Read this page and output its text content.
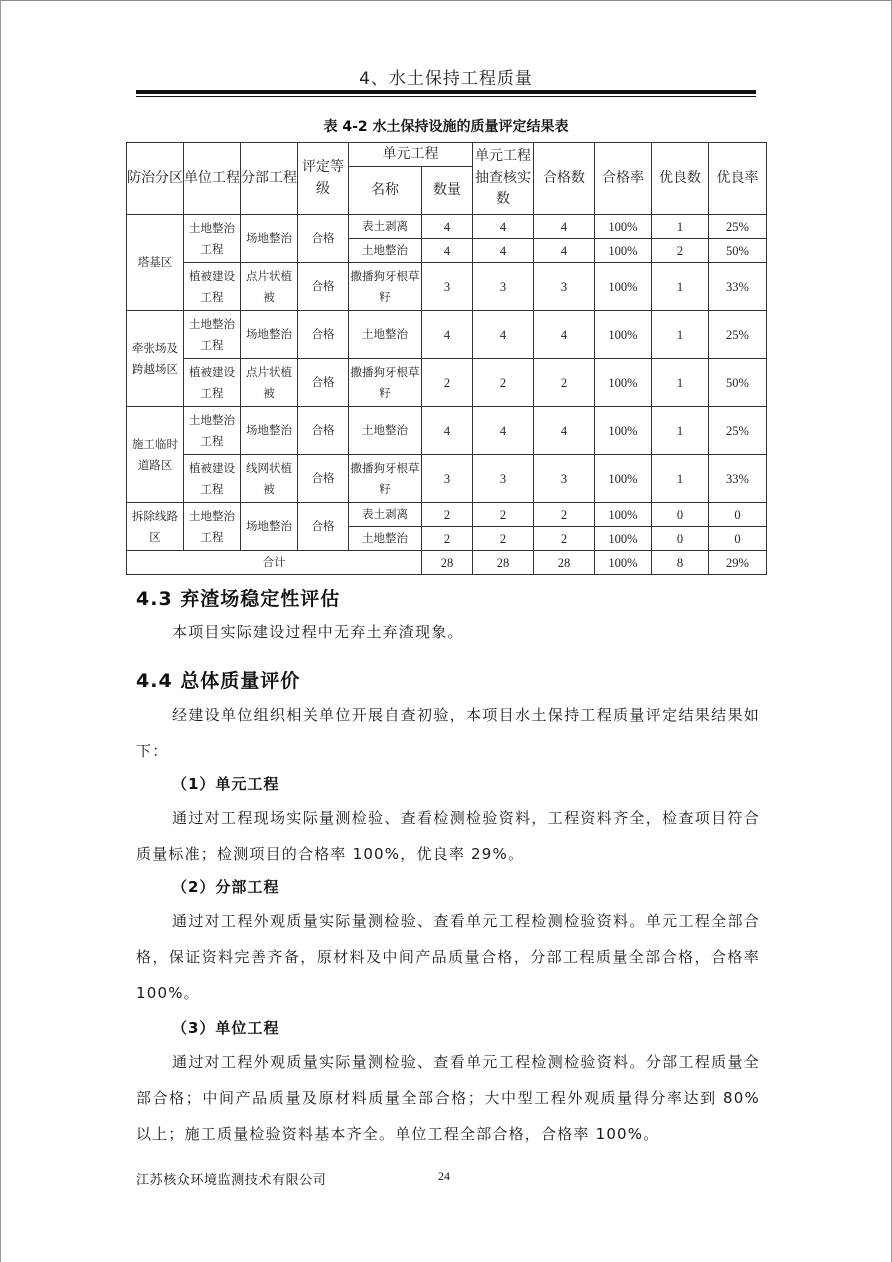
4、水土保持工程质量
表 4-2 水土保持设施的质量评定结果表
防治分区	单位工程	分部工程	评定等级	单元工程		单元工程抽查核实数	合格数	合格率	优良数	优良率
				名称	数量					
塔基区	土地整治工程	场地整治	合格	表土剥离	4	4	4	100%	1	25%
				土地整治	4	4	4	100%	2	50%
	植被建设工程	点片状植被	合格	撒播狗牙根草籽	3	3	3	100%	1	33%
牵张场及跨越场区	土地整治工程	场地整治	合格	土地整治	4	4	4	100%	1	25%
	植被建设工程	点片状植被	合格	撒播狗牙根草籽	2	2	2	100%	1	50%
施工临时道路区	土地整治工程	场地整治	合格	土地整治	4	4	4	100%	1	25%
	植被建设工程	线网状植被	合格	撒播狗牙根草籽	3	3	3	100%	1	33%
拆除线路区	土地整治工程	场地整治	合格	表土剥离	2	2	2	100%	0	0
				土地整治	2	2	2	100%	0	0
合计					28	28	28	100%	8	29%
4.3 弃渣场稳定性评估
本项目实际建设过程中无弃土弃渣现象。
4.4 总体质量评价
经建设单位组织相关单位开展自查初验，本项目水土保持工程质量评定结果结果如下：
（1）单元工程
通过对工程现场实际量测检验、查看检测检验资料，工程资料齐全，检查项目符合质量标准；检测项目的合格率 100%，优良率 29%。
（2）分部工程
通过对工程外观质量实际量测检验、查看单元工程检测检验资料。单元工程全部合格，保证资料完善齐备，原材料及中间产品质量合格，分部工程质量全部合格，合格率 100%。
（3）单位工程
通过对工程外观质量实际量测检验、查看单元工程检测检验资料。分部工程质量全部合格；中间产品质量及原材料质量全部合格；大中型工程外观质量得分率达到 80%以上；施工质量检验资料基本齐全。单位工程全部合格，合格率 100%。
江苏核众环境监测技术有限公司	24
